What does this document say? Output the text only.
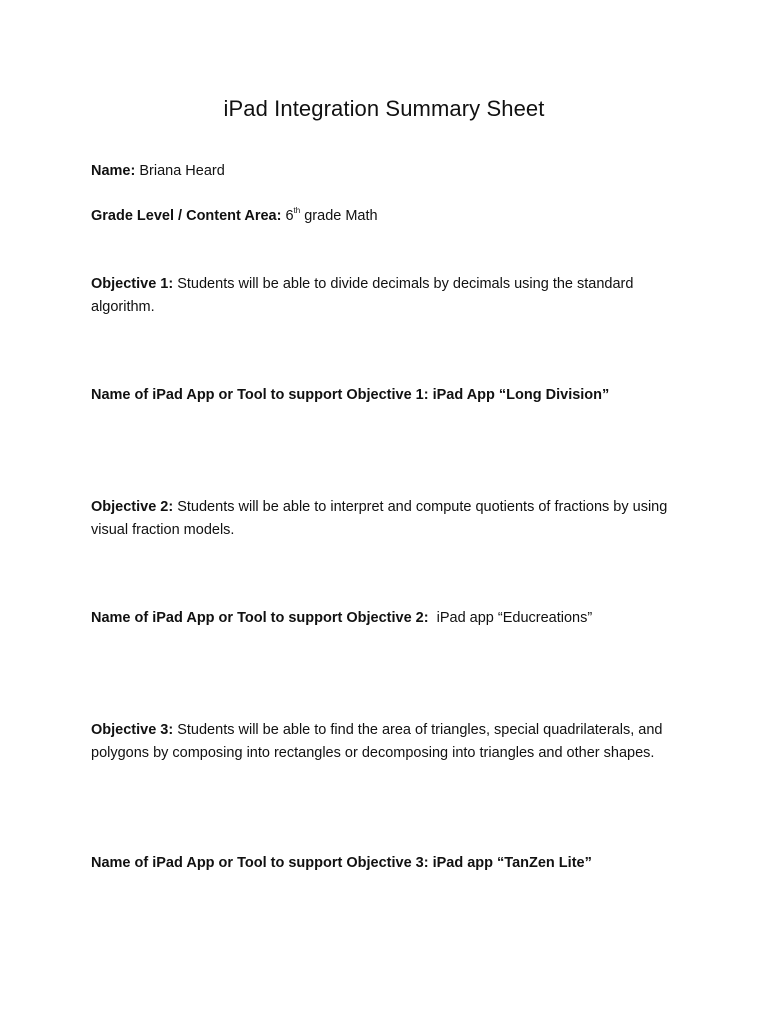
iPad Integration Summary Sheet
Name: Briana Heard
Grade Level / Content Area: 6th grade Math
Objective 1: Students will be able to divide decimals by decimals using the standard algorithm.
Name of iPad App or Tool to support Objective 1: iPad App “Long Division”
Objective 2: Students will be able to interpret and compute quotients of fractions by using visual fraction models.
Name of iPad App or Tool to support Objective 2:  iPad app “Educreations”
Objective 3: Students will be able to find the area of triangles, special quadrilaterals, and polygons by composing into rectangles or decomposing into triangles and other shapes.
Name of iPad App or Tool to support Objective 3: iPad app “TanZen Lite”
